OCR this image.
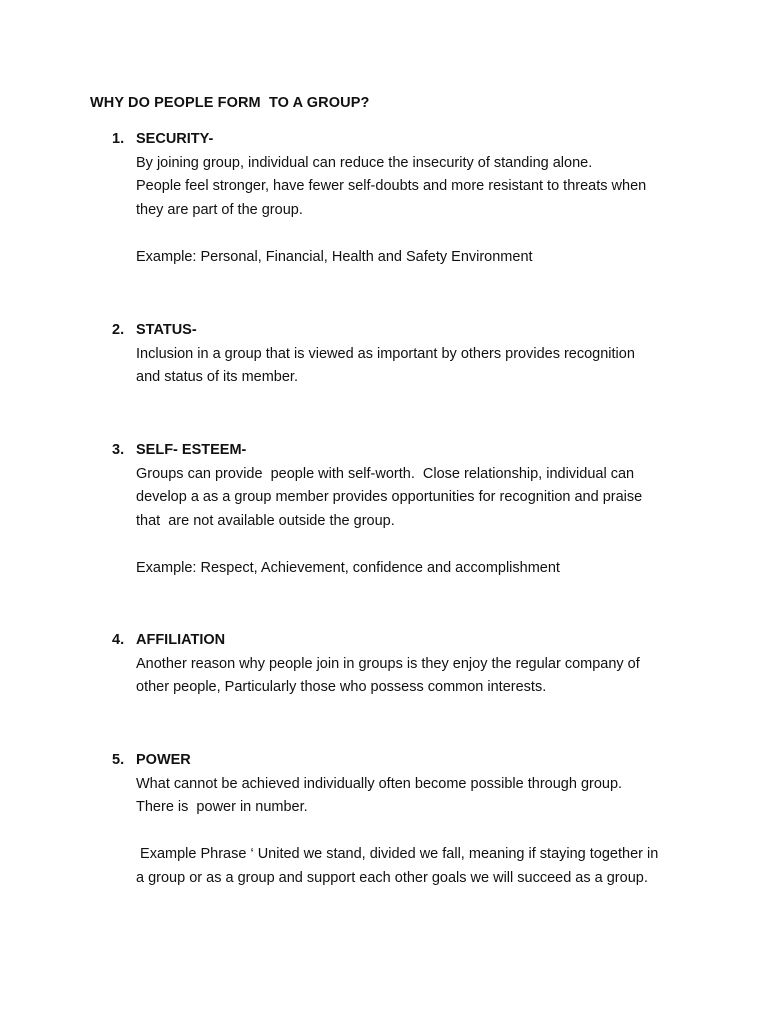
WHY DO PEOPLE FORM  TO A GROUP?
1. SECURITY-
By joining group, individual can reduce the insecurity of standing alone.
People feel stronger, have fewer self-doubts and more resistant to threats when
they are part of the group.
Example: Personal, Financial, Health and Safety Environment
2. STATUS-
Inclusion in a group that is viewed as important by others provides recognition
and status of its member.
3. SELF- ESTEEM-
Groups can provide  people with self-worth.  Close relationship, individual can
develop a as a group member provides opportunities for recognition and praise
that  are not available outside the group.
Example: Respect, Achievement, confidence and accomplishment
4. AFFILIATION
Another reason why people join in groups is they enjoy the regular company of
other people, Particularly those who possess common interests.
5. POWER
What cannot be achieved individually often become possible through group.
There is  power in number.
Example Phrase ‘ United we stand, divided we fall, meaning if staying together in
a group or as a group and support each other goals we will succeed as a group.
